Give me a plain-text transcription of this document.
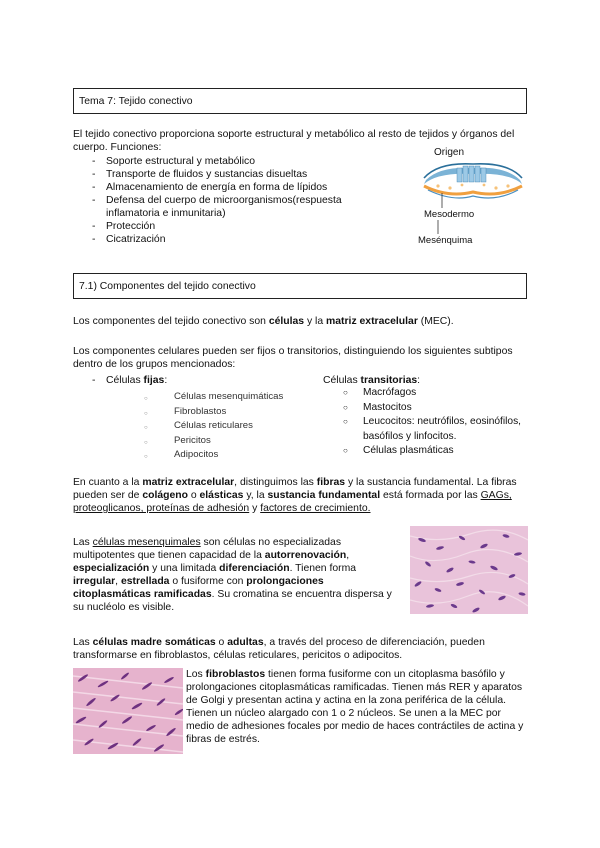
Tema 7: Tejido conectivo
El tejido conectivo proporciona soporte estructural y metabólico al resto de tejidos y órganos del cuerpo. Funciones:
- Soporte estructural y metabólico
- Transporte de fluidos y sustancias disueltas
- Almacenamiento de energía en forma de lípidos
- Defensa del cuerpo de microorganismos(respuesta inflamatoria e inmunitaria)
- Protección
- Cicatrización
Origen
Mesodermo
Mesénquima
7.1) Componentes del tejido conectivo
Los componentes del tejido conectivo son células y la matriz extracelular (MEC).
Los componentes celulares pueden ser fijos o transitorios, distinguiendo los siguientes subtipos dentro de los grupos mencionados:
- Células fijas:
○ Células mesenquimáticas
○ Fibroblastos
○ Células reticulares
○ Pericitos
○ Adipocitos
Células transitorias:
○ Macrófagos
○ Mastocitos
○ Leucocitos: neutrófilos, eosinófilos, basófilos y linfocitos.
○ Células plasmáticas
En cuanto a la matriz extracelular, distinguimos las fibras y la sustancia fundamental. La fibras pueden ser de colágeno o elásticas y, la sustancia fundamental está formada por las GAGs, proteoglicanos, proteínas de adhesión y factores de crecimiento.
Las células mesenquimales son células no especializadas multipotentes que tienen capacidad de la autorrenovación, especialización y una limitada diferenciación. Tienen forma irregular, estrellada o fusiforme con prolongaciones citoplasmáticas ramificadas. Su cromatina se encuentra dispersa y su nucléolo es visible.
Las células madre somáticas o adultas, a través del proceso de diferenciación, pueden transformarse en fibroblastos, células reticulares, pericitos o adipocitos.
Los fibroblastos tienen forma fusiforme con un citoplasma basófilo y prolongaciones citoplasmáticas ramificadas. Tienen más RER y aparatos de Golgi y presentan actina y actina en la zona periférica de la célula. Tienen un núcleo alargado con 1 o 2 núcleos. Se unen a la MEC por medio de adhesiones focales por medio de haces contráctiles de actina y fibras de estrés.
